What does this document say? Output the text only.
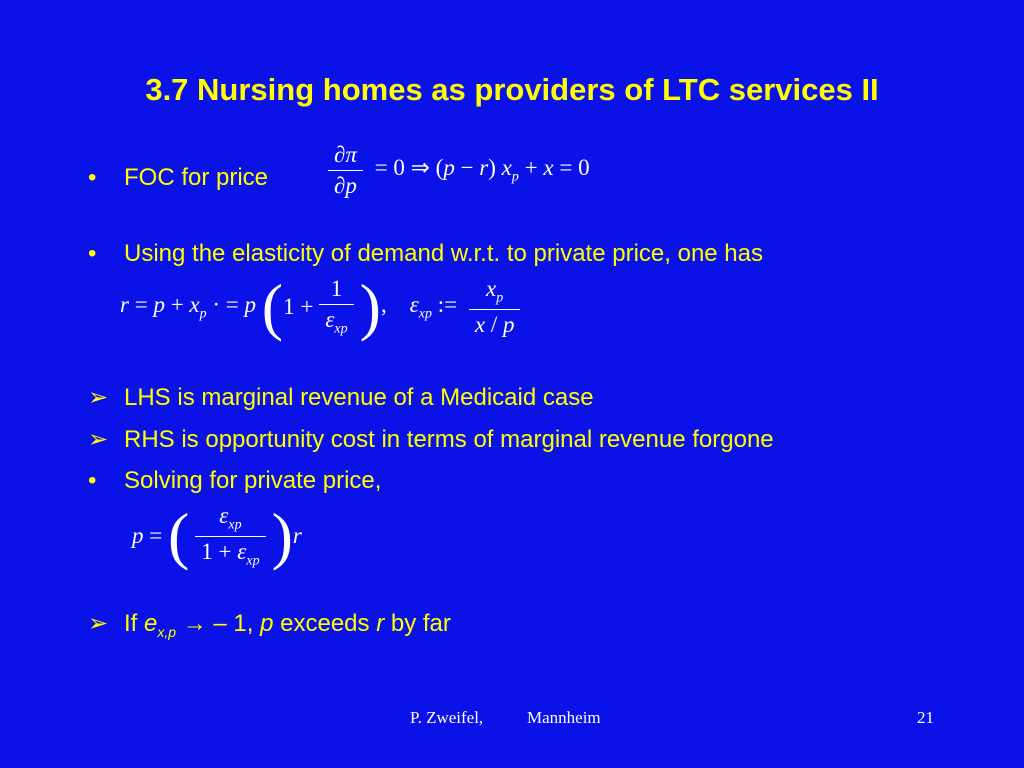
3.7 Nursing homes as providers of LTC services II
• FOC for price	$\frac{\partial\pi}{\partial p} = 0$ ⇒ (p − r) $x_p + x = 0$
• Using the elasticity of demand w.r.t. to private price, one has
$r = p + x_p$ · = p ($1 + \frac{1}{\varepsilon_{xp}}$ ),    $\varepsilon_{xp}$ := $\frac{x_p}{x / p}$
➢ LHS is marginal revenue of a Medicaid case
➢ RHS is opportunity cost in terms of marginal revenue forgone
• Solving for private price,
p = ( $\frac{\varepsilon_{xp}}{1 + \varepsilon_{xp}} )r$
➢ If $e_{x,p}$ → – 1, p exceeds r by far
P. Zweifel,	Mannheim	21
